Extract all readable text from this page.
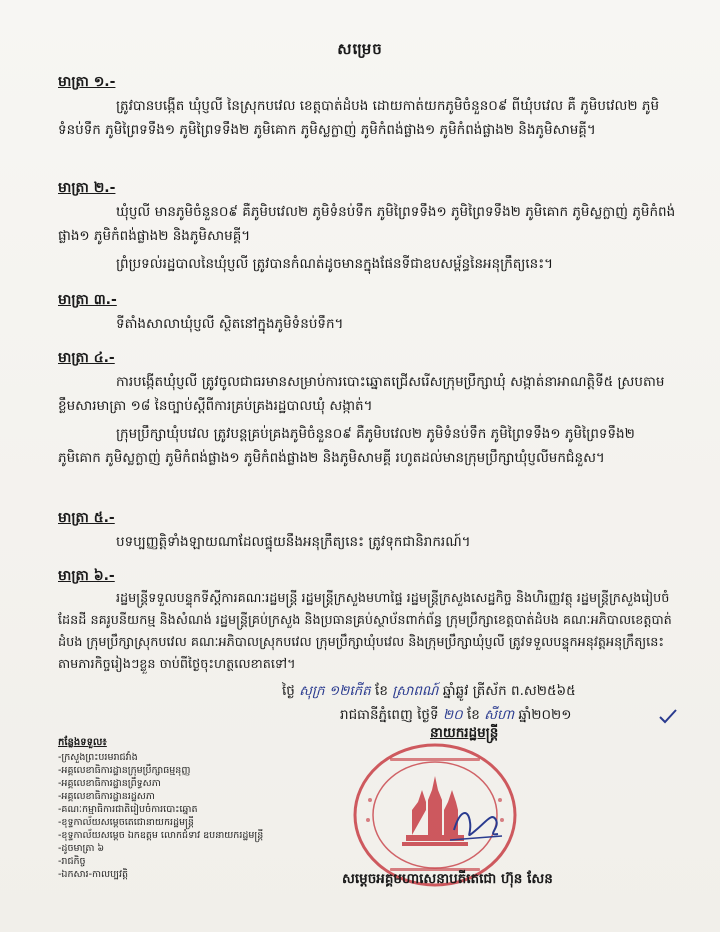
សម្រេច
មាត្រា ១.-
ត្រូវបានបង្កើត ឃុំប្ញលី នៃស្រុកបវេល ខេត្តបាត់ដំបង ដោយកាត់យកភូមិចំនួន០៩ ពីឃុំបវេល គឺ ភូមិបវេល២ ភូមិទំនប់ទឹក ភូមិព្រៃទទឹង១ ភូមិព្រៃទទឹង២ ភូមិគោក ភូមិស្លក្លាញ់ ភូមិកំពង់ផ្លាង១ ភូមិកំពង់ផ្លាង២ និងភូមិសាមគ្គី។
មាត្រា ២.-
ឃុំប្ញលី មានភូមិចំនួន០៩ គឺភូមិបវេល២ ភូមិទំនប់ទឹក ភូមិព្រៃទទឹង១ ភូមិព្រៃទទឹង២ ភូមិគោក ភូមិស្លក្លាញ់ ភូមិកំពង់ផ្លាង១ ភូមិកំពង់ផ្លាង២ និងភូមិសាមគ្គី។
ព្រំប្រទល់រដ្ឋបាលនៃឃុំប្ញលី ត្រូវបានកំណត់ដូចមានក្នុងផែនទីជាឧបសម្ព័ន្ធនៃអនុក្រឹត្យនេះ។
មាត្រា ៣.-
ទីតាំងសាលាឃុំប្ញលី ស្ថិតនៅក្នុងភូមិទំនប់ទឹក។
មាត្រា ៤.-
ការបង្កើតឃុំប្ញលី ត្រូវចូលជាធរមានសម្រាប់ការបោះឆ្នោតជ្រើសរើសក្រុមប្រឹក្សាឃុំ សង្កាត់នាអាណត្តិទី៥ ស្របតាមខ្លឹមសារមាត្រា ១៨ នៃច្បាប់ស្តីពីការគ្រប់គ្រងរដ្ឋបាលឃុំ សង្កាត់។
ក្រុមប្រឹក្សាឃុំបវេល ត្រូវបន្តគ្រប់គ្រងភូមិចំនួន០៩ គឺភូមិបវេល២ ភូមិទំនប់ទឹក ភូមិព្រៃទទឹង១ ភូមិព្រៃទទឹង២ ភូមិគោក ភូមិស្លក្លាញ់ ភូមិកំពង់ផ្លាង១ ភូមិកំពង់ផ្លាង២ និងភូមិសាមគ្គី រហូតដល់មានក្រុមប្រឹក្សាឃុំប្ញលីមកជំនួស។
មាត្រា ៥.-
បទប្បញ្ញត្តិទាំងឡាយណាដែលផ្ទុយនឹងអនុក្រឹត្យនេះ ត្រូវទុកជានិរាករណ៍។
មាត្រា ៦.-
រដ្ឋមន្ត្រីទទួលបន្ទុកទីស្តីការគណៈរដ្ឋមន្ត្រី រដ្ឋមន្ត្រីក្រសួងមហាផ្ទៃ រដ្ឋមន្ត្រីក្រសួងសេដ្ឋកិច្ច និងហិរញ្ញវត្ថុ រដ្ឋមន្ត្រីក្រសួងរៀបចំដែនដី នគរូបនីយកម្ម និងសំណង់ រដ្ឋមន្ត្រីគ្រប់ក្រសួង និងប្រធានគ្រប់ស្ថាប័នពាក់ព័ន្ធ ក្រុមប្រឹក្សាខេត្តបាត់ដំបង គណៈអភិបាលខេត្តបាត់ដំបង ក្រុមប្រឹក្សាស្រុកបវេល គណៈអភិបាលស្រុកបវេល ក្រុមប្រឹក្សាឃុំបវេល និងក្រុមប្រឹក្សាឃុំប្ញលី ត្រូវទទួលបន្ទុកអនុវត្តអនុក្រឹត្យនេះតាមភារកិច្ចរៀងៗខ្លួន ចាប់ពីថ្ងៃចុះហត្ថលេខាតទៅ។
ថ្ងៃ សុក្រ ១២កើត ខែ ស្រាពណ៍ ឆ្នាំឆ្លូវ ត្រីស័ក ព.ស២៥៦៥
រាជធានីភ្នំពេញ ថ្ងៃទី ២០ ខែ សីហា ឆ្នាំ២០២១
នាយករដ្ឋមន្ត្រី
កន្លែងទទួល៖
-ក្រសួងព្រះបរមរាជវាំង
-អគ្គលេខាធិការដ្ឋានក្រុមប្រឹក្សាធម្មនុញ្ញ
-អគ្គលេខាធិការដ្ឋានព្រឹទ្ធសភា
-អគ្គលេខាធិការដ្ឋានរដ្ឋសភា
-គណៈកម្មាធិការជាតិរៀបចំការបោះឆ្នោត
-ខុទ្ទកាល័យសម្តេចតេជោនាយករដ្ឋមន្ត្រី
-ខុទ្ទកាល័យសម្តេច ឯកឧត្តម លោកជំទាវ ឧបនាយករដ្ឋមន្ត្រី
-ដូចមាត្រា ៦
-រាជកិច្ច
-ឯកសារ-កាលប្បវត្តិ	សម្តេចអគ្គមហាសេនាបតីតេជោ ហ៊ុន សែន
